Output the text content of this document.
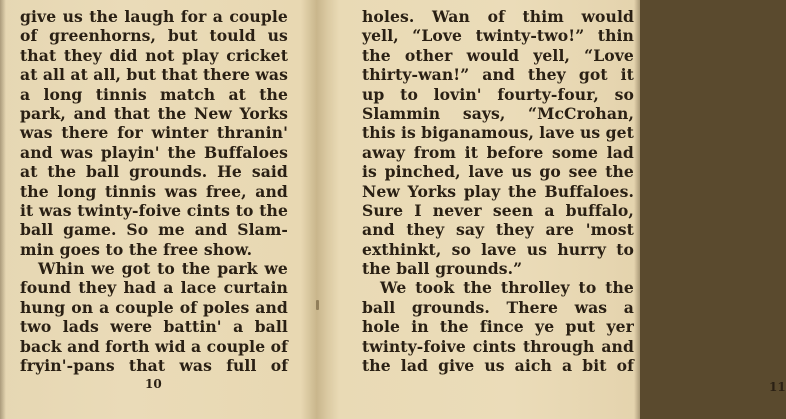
give us the laugh for a couple
of greenhorns, but tould us
that they did not play cricket
at all at all, but that there was
a long tinnis match at the
park, and that the New Yorks
was there for winter thranin'
and was playin' the Buffaloes
at the ball grounds. He said
the long tinnis was free, and
it was twinty-foive cints to the
ball game. So me and Slam-
min goes to the free show.
Whin we got to the park we
found they had a lace curtain
hung on a couple of poles and
two lads were battin' a ball
back and forth wid a couple of
fryin'-pans that was full of
10
holes. Wan of thim would
yell, “Love twinty-two!” thin
the other would yell, “Love
thirty-wan!” and they got it
up to lovin' fourty-four, so
Slammin says, “McCrohan,
this is biganamous, lave us get
away from it before some lad
is pinched, lave us go see the
New Yorks play the Buffaloes.
Sure I never seen a buffalo,
and they say they are 'most
exthinkt, so lave us hurry to
the ball grounds.”
We took the throlley to the
ball grounds. There was a
hole in the fince ye put yer
twinty-foive cints through and
the lad give us aich a bit of
11
